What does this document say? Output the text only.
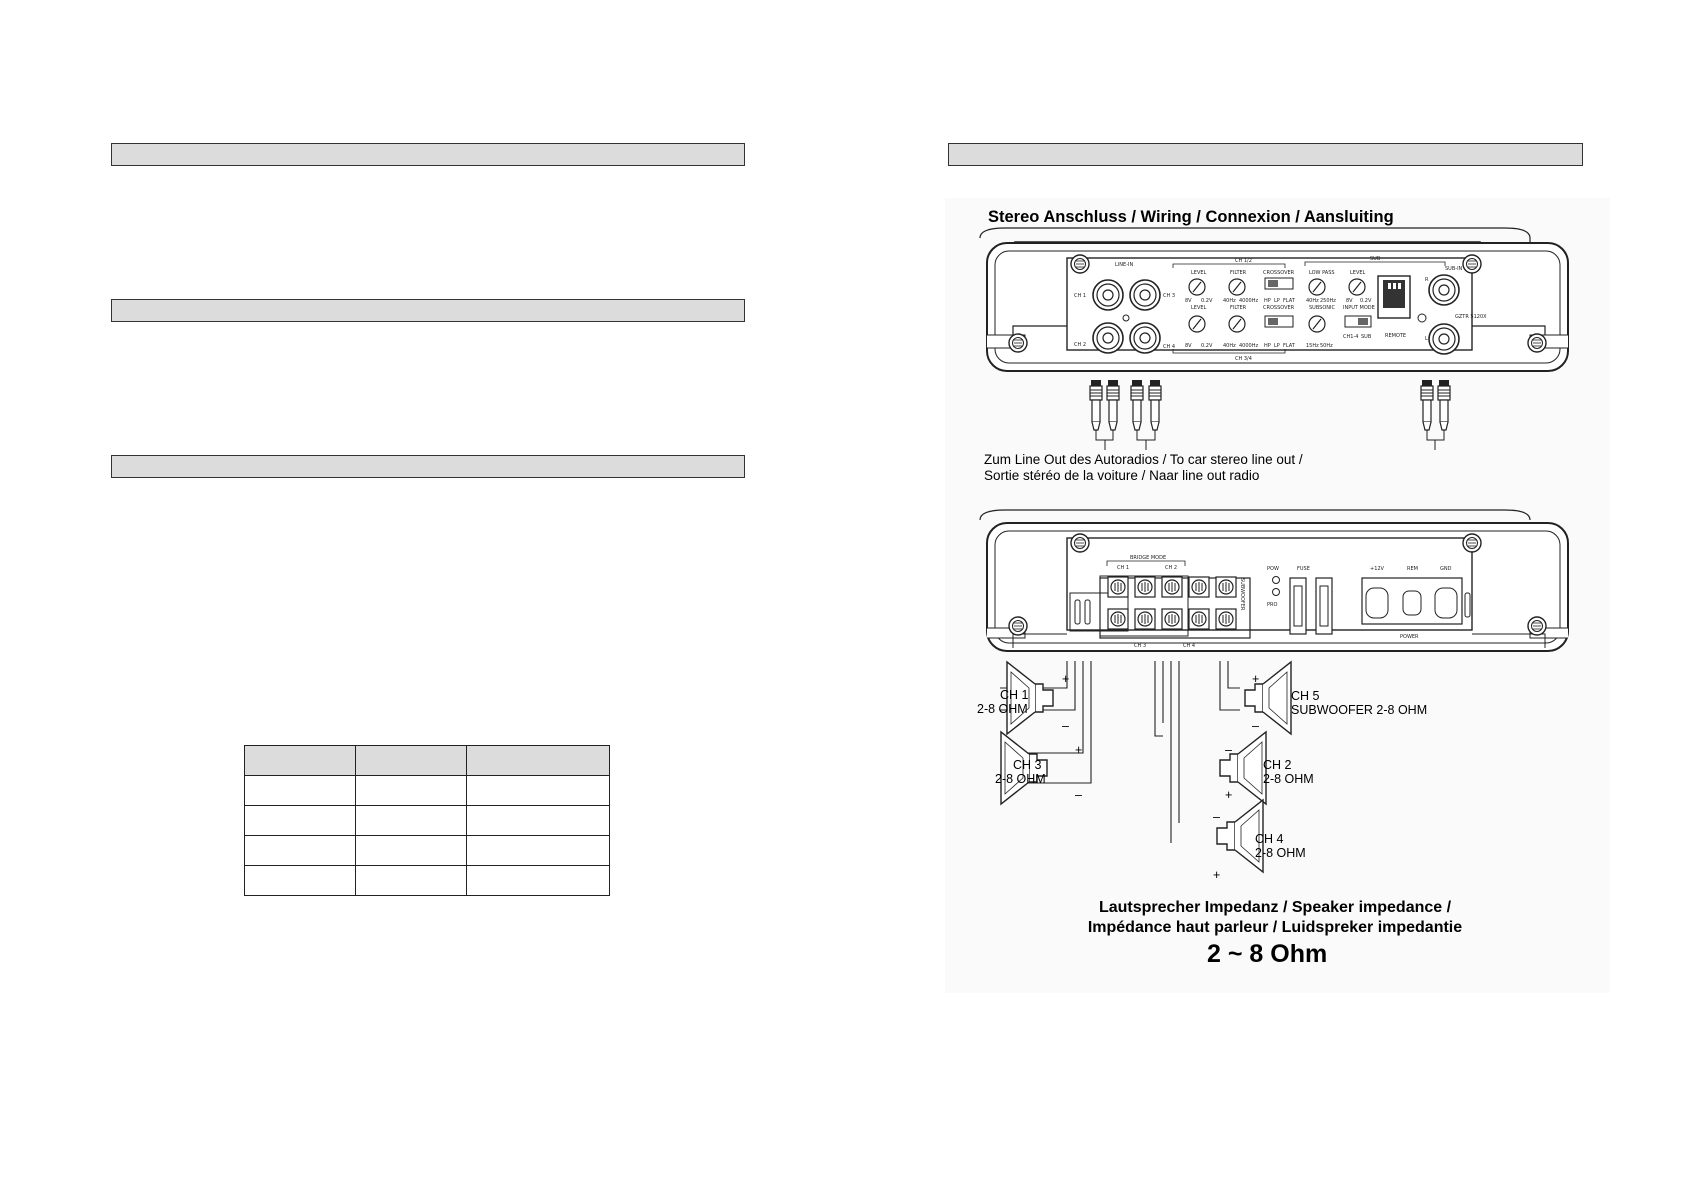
LINE-IN
CH 1
CH 2
CH 3
CH 4
CH 1/2
CH 3/4
LEVEL	FILTER	CROSSOVER
8V 0.2V 40Hz 4000Hz HP LP FLAT
LEVEL	FILTER	CROSSOVER
8V 0.2V 40Hz 4000Hz HP LP FLAT
SUB
LOW PASS	LEVEL
40Hz 250Hz 8V 0.2V
SUBSONIC INPUT MODE
15Hz 50Hz
CH1-4 SUB	REMOTE
R
SUB-IN
L
GZTR 5120X
BRIDGE MODE
CH 1	CH 2
CH 3	CH 4
SUBWOOFER
POW
PRO
FUSE	+12V	REM	GND
POWER
Stereo Anschluss / Wiring / Connexion / Aansluiting
Zum Line Out des Autoradios / To car stereo line out /
Sortie stéréo de la voiture / Naar line out radio
CH 1
2-8 OHM
+
–
CH 5
SUBWOOFER 2-8 OHM
+
–
CH 3
2-8 OHM
+
–
CH 2
2-8 OHM
–
+
CH 4
2-8 OHM
–
+
Lautsprecher Impedanz / Speaker impedance /
Impédance haut parleur / Luidspreker impedantie
2 ~ 8 Ohm
